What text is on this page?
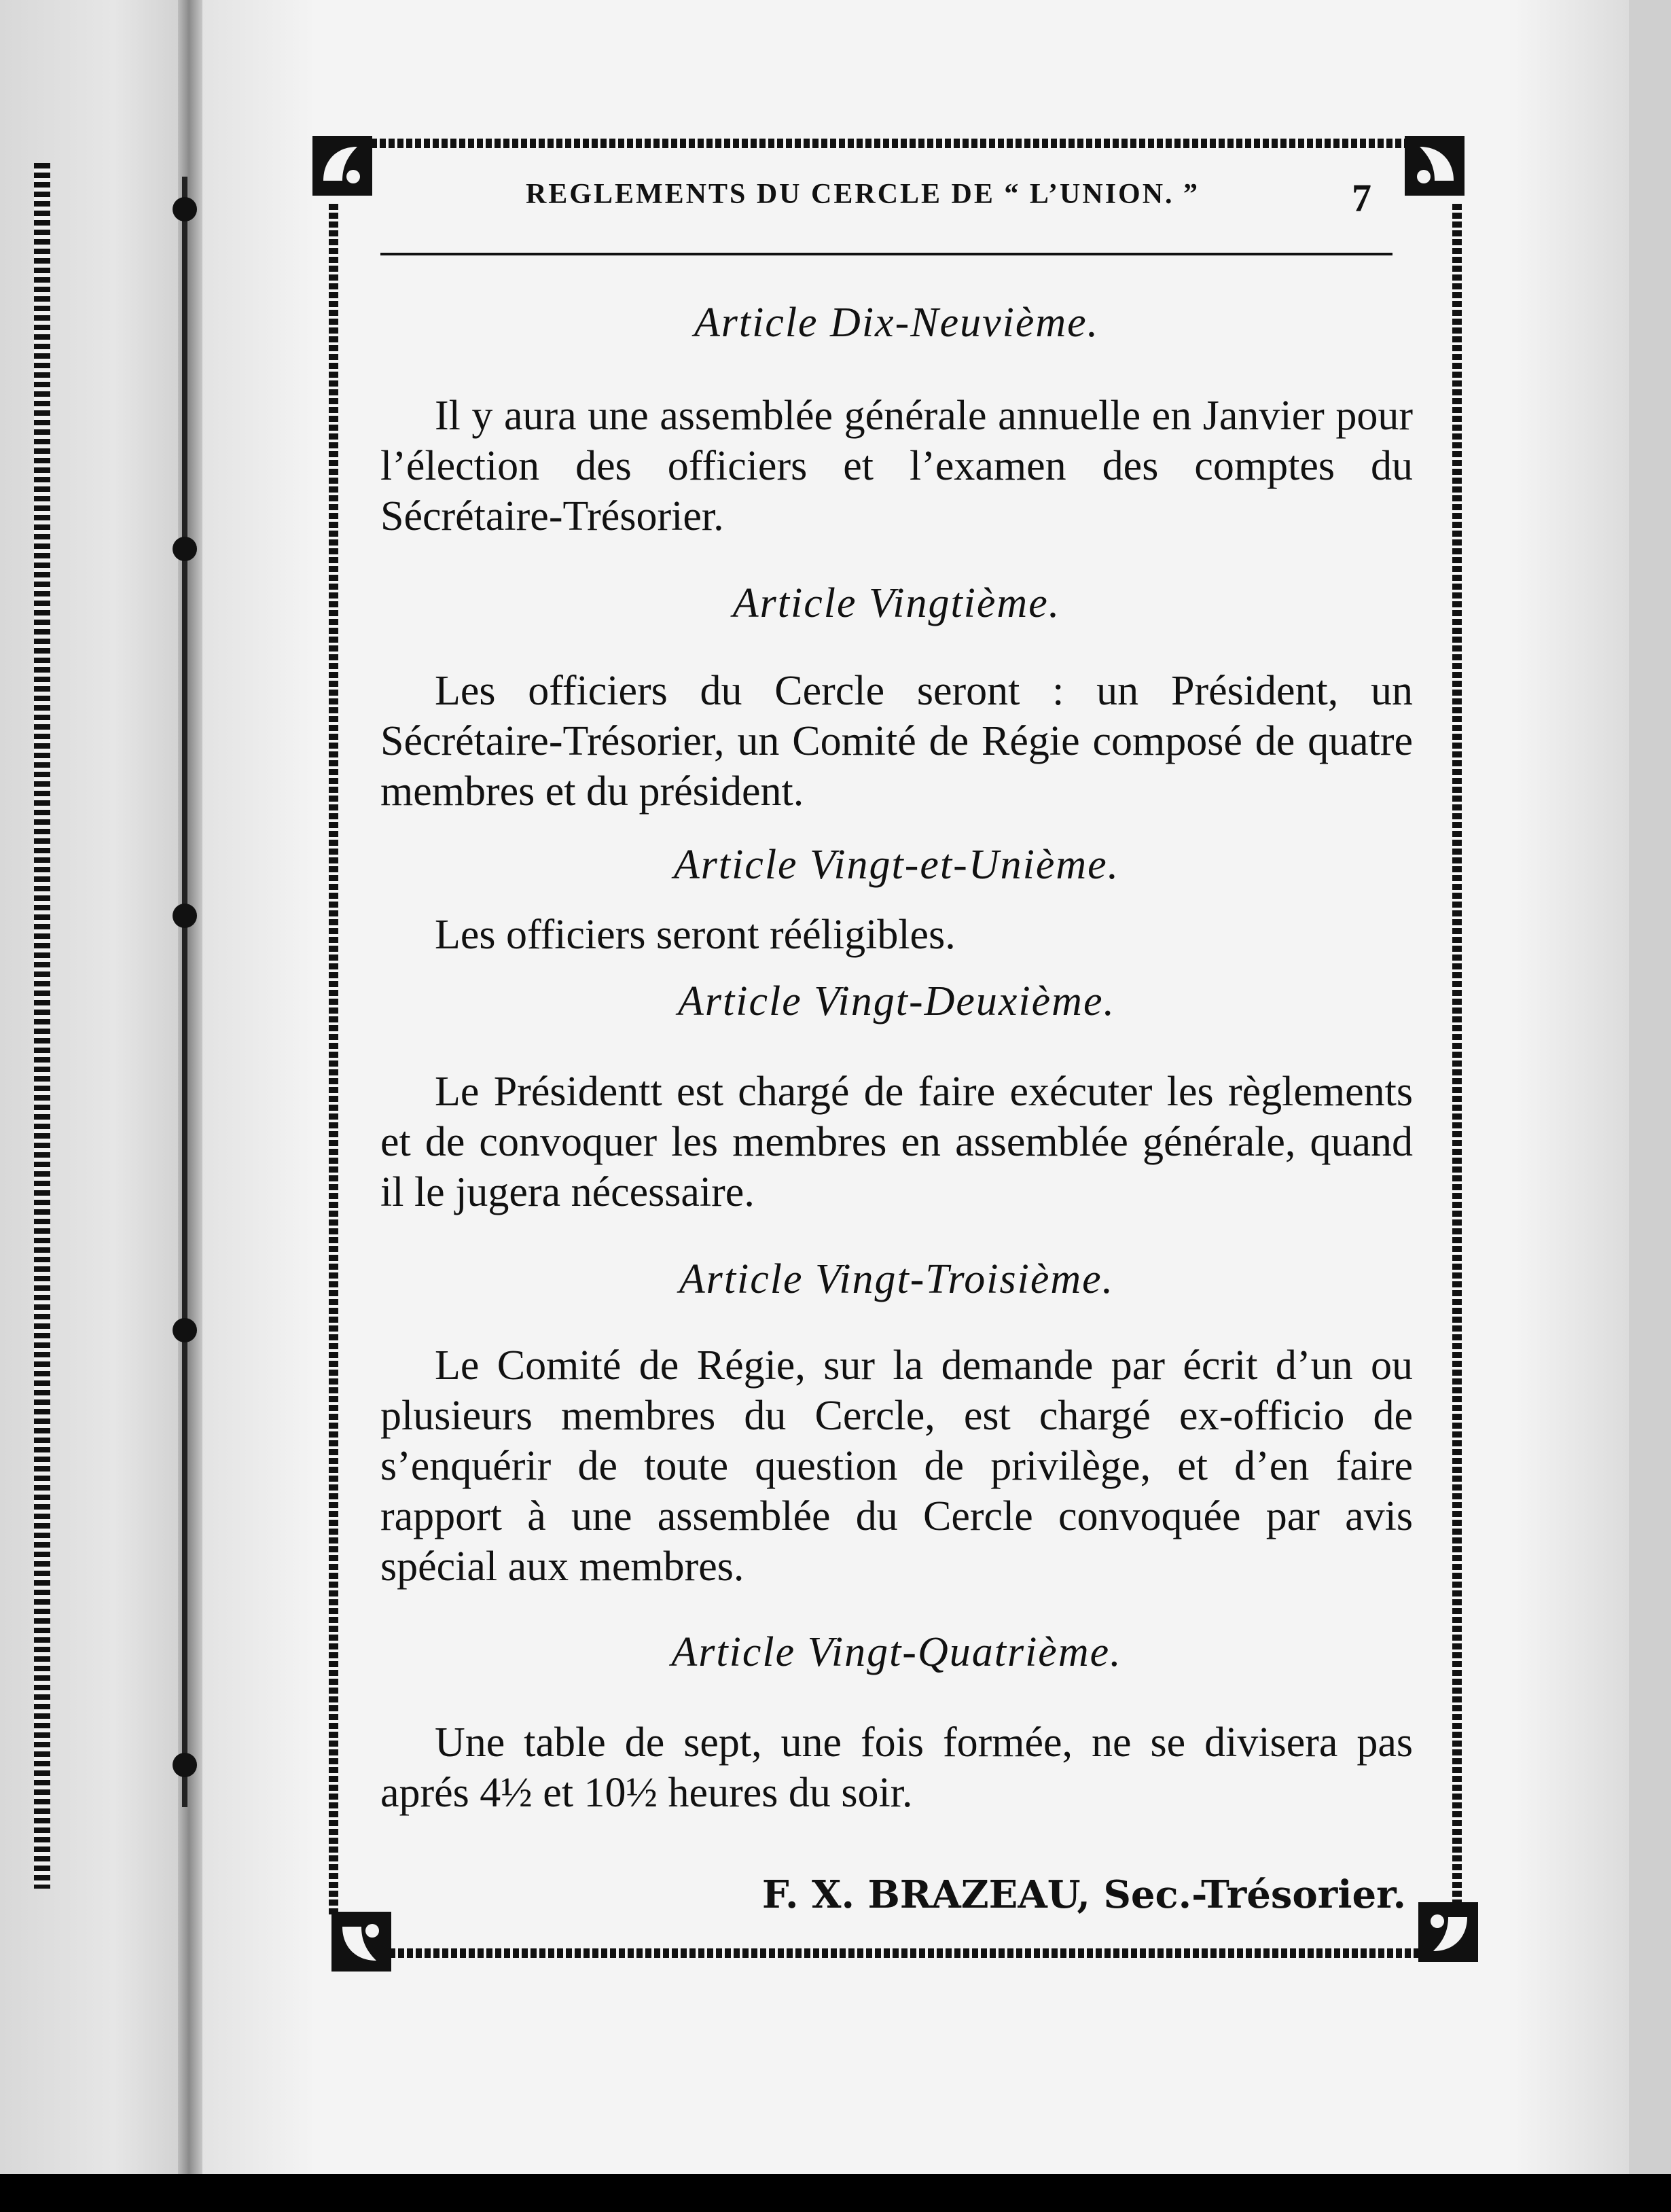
REGLEMENTS DU CERCLE DE “ L’UNION. ”	7

Article Dix-Neuvième.

Il y aura une assemblée générale annuelle en Janvier pour l’élection des officiers et l’examen des comptes du Sécrétaire-Trésorier.

Article Vingtième.

Les officiers du Cercle seront : un Président, un Sécrétaire-Trésorier, un Comité de Régie composé de quatre membres et du président.

Article Vingt-et-Unième.

Les officiers seront rééligibles.

Article Vingt-Deuxième.

Le Présidentt est chargé de faire exécuter les règlements et de convoquer les membres en assemblée générale, quand il le jugera nécessaire.

Article Vingt-Troisième.

Le Comité de Régie, sur la demande par écrit d’un ou plusieurs membres du Cercle, est chargé ex-officio de s’enquérir de toute question de privilège, et d’en faire rapport à une assemblée du Cercle convoquée par avis spécial aux membres.

Article Vingt-Quatrième.

Une table de sept, une fois formée, ne se divisera pas aprés 4½ et 10½ heures du soir.

F. X. BRAZEAU, Sec.-Trésorier.
